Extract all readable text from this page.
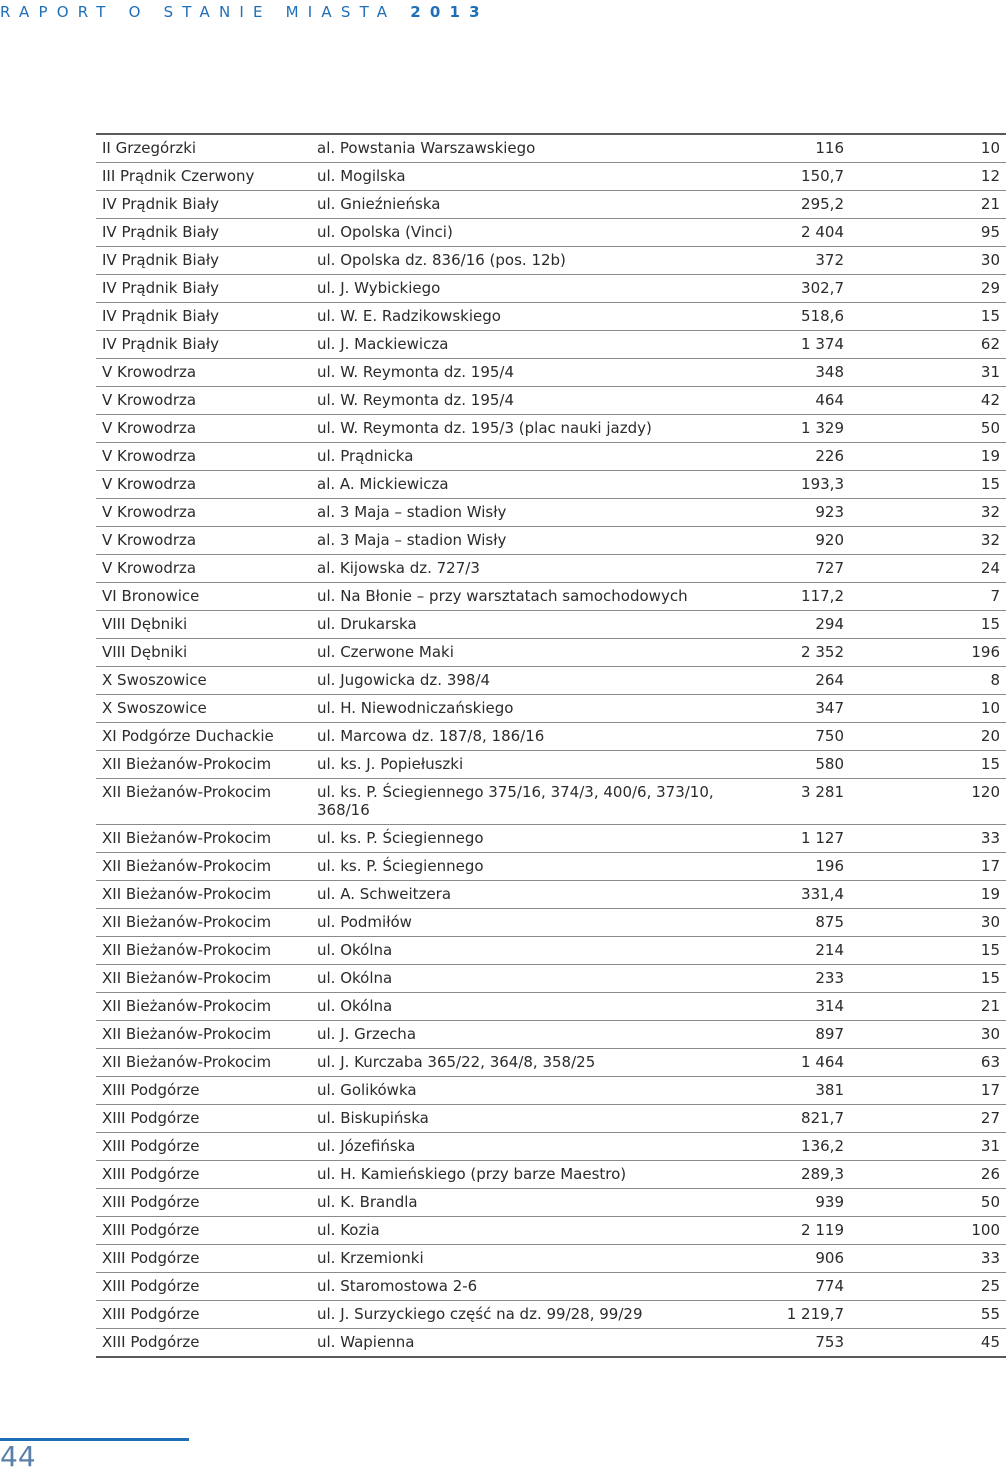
RAPORT O STANIE MIASTA 2013
II Grzegórzki	al. Powstania Warszawskiego	116	10
III Prądnik Czerwony	ul. Mogilska	150,7	12
IV Prądnik Biały	ul. Gnieźnieńska	295,2	21
IV Prądnik Biały	ul. Opolska (Vinci)	2 404	95
IV Prądnik Biały	ul. Opolska dz. 836/16 (pos. 12b)	372	30
IV Prądnik Biały	ul. J. Wybickiego	302,7	29
IV Prądnik Biały	ul. W. E. Radzikowskiego	518,6	15
IV Prądnik Biały	ul. J. Mackiewicza	1 374	62
V Krowodrza	ul. W. Reymonta dz. 195/4	348	31
V Krowodrza	ul. W. Reymonta dz. 195/4	464	42
V Krowodrza	ul. W. Reymonta dz. 195/3 (plac nauki jazdy)	1 329	50
V Krowodrza	ul. Prądnicka	226	19
V Krowodrza	al. A. Mickiewicza	193,3	15
V Krowodrza	al. 3 Maja – stadion Wisły	923	32
V Krowodrza	al. 3 Maja – stadion Wisły	920	32
V Krowodrza	al. Kijowska dz. 727/3	727	24
VI Bronowice	ul. Na Błonie – przy warsztatach samochodowych	117,2	7
VIII Dębniki	ul. Drukarska	294	15
VIII Dębniki	ul. Czerwone Maki	2 352	196
X Swoszowice	ul. Jugowicka dz. 398/4	264	8
X Swoszowice	ul. H. Niewodniczańskiego	347	10
XI Podgórze Duchackie	ul. Marcowa dz. 187/8, 186/16	750	20
XII Bieżanów-Prokocim	ul. ks. J. Popiełuszki	580	15
XII Bieżanów-Prokocim	ul. ks. P. Ściegiennego 375/16, 374/3, 400/6, 373/10, 368/16	3 281	120
XII Bieżanów-Prokocim	ul. ks. P. Ściegiennego	1 127	33
XII Bieżanów-Prokocim	ul. ks. P. Ściegiennego	196	17
XII Bieżanów-Prokocim	ul. A. Schweitzera	331,4	19
XII Bieżanów-Prokocim	ul. Podmiłów	875	30
XII Bieżanów-Prokocim	ul. Okólna	214	15
XII Bieżanów-Prokocim	ul. Okólna	233	15
XII Bieżanów-Prokocim	ul. Okólna	314	21
XII Bieżanów-Prokocim	ul. J. Grzecha	897	30
XII Bieżanów-Prokocim	ul. J. Kurczaba 365/22, 364/8, 358/25	1 464	63
XIII Podgórze	ul. Golikówka	381	17
XIII Podgórze	ul. Biskupińska	821,7	27
XIII Podgórze	ul. Józefińska	136,2	31
XIII Podgórze	ul. H. Kamieńskiego (przy barze Maestro)	289,3	26
XIII Podgórze	ul. K. Brandla	939	50
XIII Podgórze	ul. Kozia	2 119	100
XIII Podgórze	ul. Krzemionki	906	33
XIII Podgórze	ul. Staromostowa 2-6	774	25
XIII Podgórze	ul. J. Surzyckiego część na dz. 99/28, 99/29	1 219,7	55
XIII Podgórze	ul. Wapienna	753	45
44
